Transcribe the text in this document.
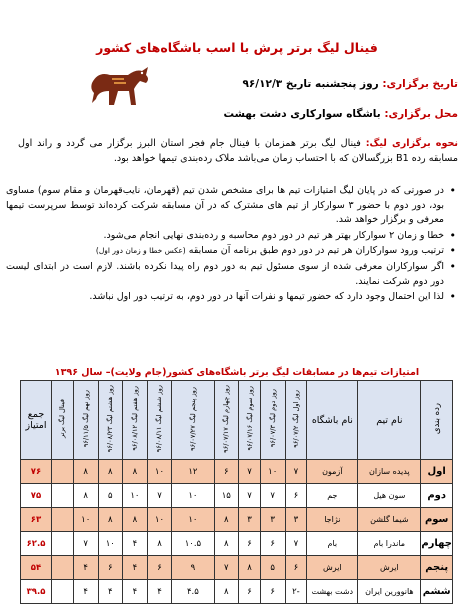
فینال لیگ برتر پرش با اسب باشگاه‌های کشور
تاریخ برگزاری: روز پنجشنبه تاریخ ۹۶/۱۲/۳
محل برگزاری: باشگاه سوارکاری دشت بهشت
نحوه برگزاری لیگ: فینال لیگ برتر همزمان با فینال جام فجر استان البرز برگزار می گردد و راند اول مسابقه رده B1 بزرگسالان که با احتساب زمان می‌باشد ملاک رده‌بندی تیمها خواهد بود.
• در صورتی که در پایان لیگ امتیازات تیم ها برای مشخص شدن تیم (قهرمان، نایب‌قهرمان و مقام سوم) مساوی بود، دور دوم با حضور ۳ سوارکار از تیم ها‌ی مشترک که در آن مسابقه شرکت کرده‌اند توسط سرپرست تیمها معرفی و برگزار خواهد شد.
• خطا و زمان ۲ سوارکار بهتر هر تیم در دور دوم محاسبه و رده‌بندی نهایی انجام می‌شود.
• ترتیب ورود سوارکاران هر تیم در دور دوم طبق برنامه آن مسابقه (عکس خطا و زمان دور اول)
• اگر سوارکاران معرفی شده از سوی مسئول تیم به دور دوم راه پیدا نکرده باشند. لازم است در ابتدای لیست دور دوم شرکت نمایند.
• لذا این احتمال وجود دارد که حضور تیمها و نفرات آنها در دور دوم، به ترتیب دور اول نباشد.
امتیازات تیم‌ها در مسابقات لیگ برتر باشگاه‌های کشور(جام ولایت)– سال ۱۳۹۶
رده بندی	نام تیم	نام باشگاه	روز اول لیگ ۹۶/۰۷/۲	روز دوم لیگ ۹۶/۰۷/۳	روز سوم لیگ ۹۶/۰۷/۱۶	روز چهارم لیگ ۹۶/۰۷/۱۷	روز پنجم لیگ ۹۶/۰۷/۲۷	روز ششم لیگ ۹۶/۰۸/۱۱	روز هفتم لیگ ۹۶/۰۸/۱۲	روز هشتم لیگ ۹۶/۰۸/۲۳	روز نهم لیگ ۹۶/۱۱/۵	فینال لیگ برتر	جمع امتیاز
اول	پدیده سازان	آزمون	۷	۱۰	۷	۶	۱۲	۱۰	۸	۸	۸		۷۶
دوم	سون هیل	جم	۶	۷	۷	۱۵	۱۰	۷	۱۰	۵	۸		۷۵
سوم	شیما گلشن	نژاجا	۳	۳	۳	۸	۱۰	۱۰	۸	۸	۱۰		۶۳
چهارم	ماندرا بام	بام	۷	۶	۶	۸	۱۰.۵	۸	۴	۱۰	۷		۶۲.۵
پنجم	ایرش	ایرش	۶	۵	۸	۷	۹	۶	۴	۶	۴		۵۴
ششم	هانوورین ایران	دشت بهشت	-۲	۶	۶	۸	۴.۵	۴	۴	۴	۴		۳۹.۵
